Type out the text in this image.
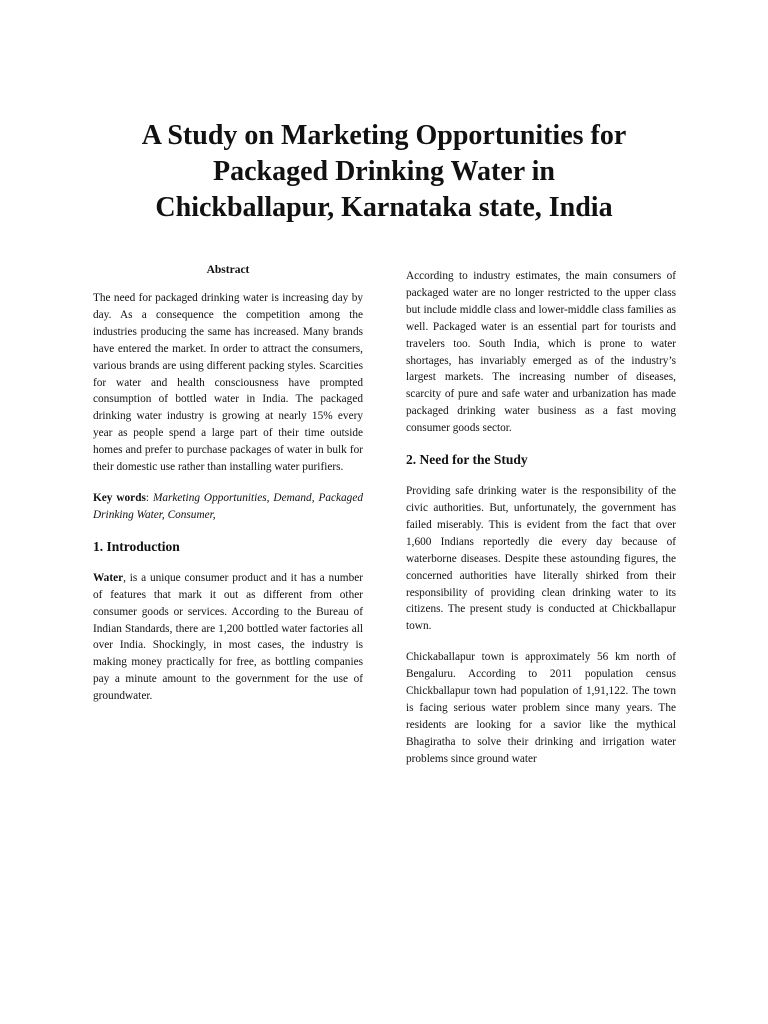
A Study on Marketing Opportunities for
Packaged Drinking Water in
Chickballapur, Karnataka state, India
Abstract

The need for packaged drinking water is increasing day by day. As a consequence the competition among the industries producing the same has increased. Many brands have entered the market. In order to attract the consumers, various brands are using different packing styles. Scarcities for water and health consciousness have prompted consumption of bottled water in India. The packaged drinking water industry is growing at nearly 15% every year as people spend a large part of their time outside homes and prefer to purchase packages of water in bulk for their domestic use rather than installing water purifiers.

Key words: Marketing Opportunities, Demand, Packaged Drinking Water, Consumer,

1. Introduction

Water, is a unique consumer product and it has a number of features that mark it out as different from other consumer goods or services. According to the Bureau of Indian Standards, there are 1,200 bottled water factories all over India. Shockingly, in most cases, the industry is making money practically for free, as bottling companies pay a minute amount to the government for the use of groundwater.

According to industry estimates, the main consumers of packaged water are no longer restricted to the upper class but include middle class and lower-middle class families as well. Packaged water is an essential part for tourists and travelers too. South India, which is prone to water shortages, has invariably emerged as of the industry’s largest markets. The increasing number of diseases, scarcity of pure and safe water and urbanization has made packaged drinking water business as a fast moving consumer goods sector.

2. Need for the Study

Providing safe drinking water is the responsibility of the civic authorities. But, unfortunately, the government has failed miserably. This is evident from the fact that over 1,600 Indians reportedly die every day because of waterborne diseases. Despite these astounding figures, the concerned authorities have literally shirked from their responsibility of providing clean drinking water to its citizens. The present study is conducted at Chickballapur town.

Chickaballapur town is approximately 56 km north of Bengaluru. According to 2011 population census Chickballapur town had population of 1,91,122. The town is facing serious water problem since many years. The residents are looking for a savior like the mythical Bhagiratha to solve their drinking and irrigation water problems since ground water
